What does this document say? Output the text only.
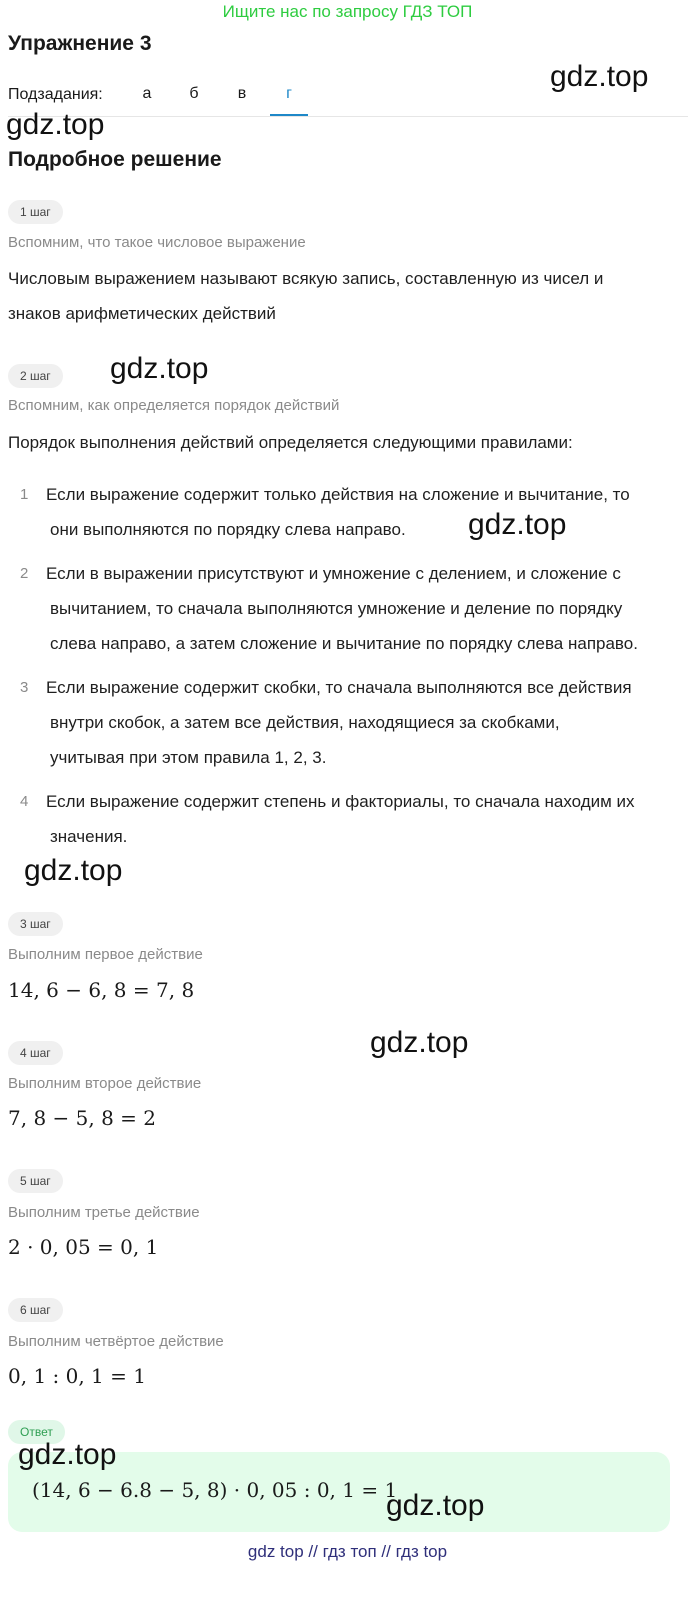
Ищите нас по запросу ГДЗ ТОП
Упражнение 3
gdz.top
Подзадания:	а	б	в	г
gdz.top
Подробное решение
1 шаг
Вспомним, что такое числовое выражение
Числовым выражением называют всякую запись, составленную из чисел и
знаков арифметических действий
2 шаг	gdz.top
Вспомним, как определяется порядок действий
Порядок выполнения действий определяется следующими правилами:
1 Если выражение содержит только действия на сложение и вычитание, то
они выполняются по порядку слева направо.	gdz.top
2 Если в выражении присутствуют и умножение с делением, и сложение с
вычитанием, то сначала выполняются умножение и деление по порядку
слева направо, а затем сложение и вычитание по порядку слева направо.
3 Если выражение содержит скобки, то сначала выполняются все действия
внутри скобок, а затем все действия, находящиеся за скобками,
учитывая при этом правила 1, 2, 3.
4 Если выражение содержит степень и факториалы, то сначала находим их
значения.
gdz.top
3 шаг
Выполним первое действие
14, 6 − 6, 8 = 7, 8
gdz.top
4 шаг
Выполним второе действие
7, 8 − 5, 8 = 2
5 шаг
Выполним третье действие
2 · 0, 05 = 0, 1
6 шаг
Выполним четвёртое действие
0, 1 : 0, 1 = 1
Ответ
(14, 6 − 6.8 − 5, 8) · 0, 05 : 0, 1 = 1
gdz.top
gdz.top
gdz top // гдз топ // гдз top
